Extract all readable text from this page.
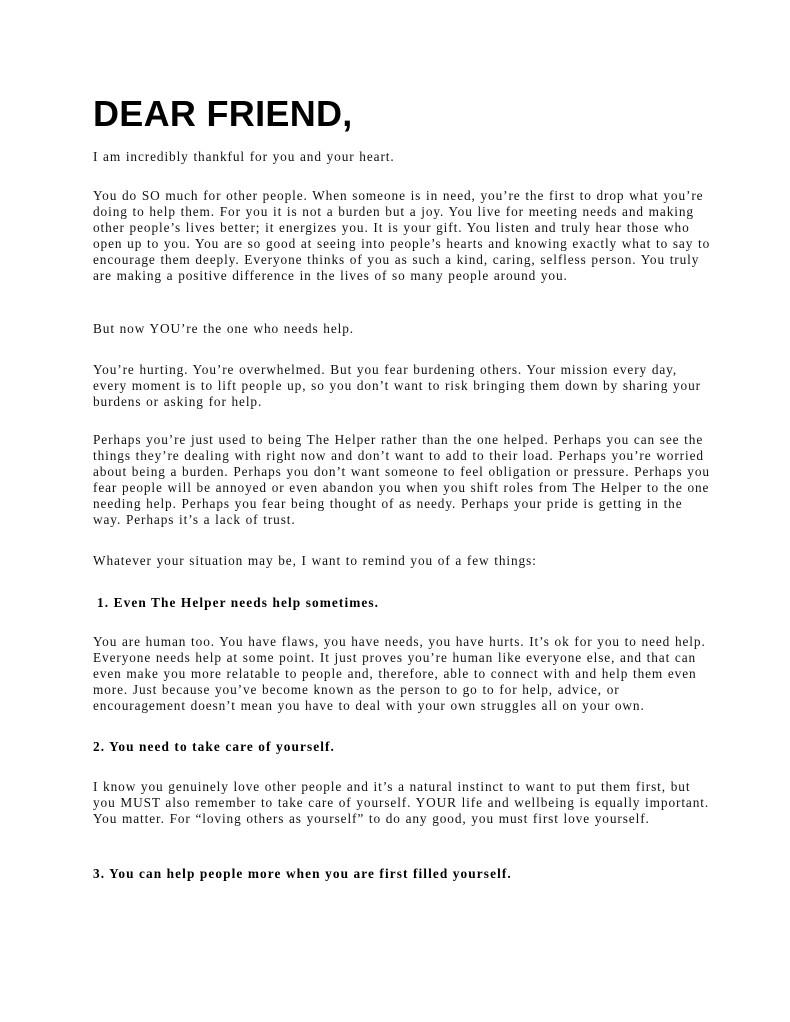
DEAR FRIEND,

I am incredibly thankful for you and your heart.

You do SO much for other people. When someone is in need, you’re the first to drop what you’re doing to help them. For you it is not a burden but a joy. You live for meeting needs and making other people’s lives better; it energizes you. It is your gift. You listen and truly hear those who open up to you. You are so good at seeing into people’s hearts and knowing exactly what to say to encourage them deeply. Everyone thinks of you as such a kind, caring, selfless person. You truly are making a positive difference in the lives of so many people around you.

But now YOU’re the one who needs help.

You’re hurting. You’re overwhelmed. But you fear burdening others. Your mission every day, every moment is to lift people up, so you don’t want to risk bringing them down by sharing your burdens or asking for help.

Perhaps you’re just used to being The Helper rather than the one helped. Perhaps you can see the things they’re dealing with right now and don’t want to add to their load. Perhaps you’re worried about being a burden. Perhaps you don’t want someone to feel obligation or pressure. Perhaps you fear people will be annoyed or even abandon you when you shift roles from The Helper to the one needing help. Perhaps you fear being thought of as needy. Perhaps your pride is getting in the way. Perhaps it’s a lack of trust.

Whatever your situation may be, I want to remind you of a few things:

1. Even The Helper needs help sometimes.

You are human too. You have flaws, you have needs, you have hurts. It’s ok for you to need help. Everyone needs help at some point. It just proves you’re human like everyone else, and that can even make you more relatable to people and, therefore, able to connect with and help them even more. Just because you’ve become known as the person to go to for help, advice, or encouragement doesn’t mean you have to deal with your own struggles all on your own.

2. You need to take care of yourself.

I know you genuinely love other people and it’s a natural instinct to want to put them first, but you MUST also remember to take care of yourself. YOUR life and wellbeing is equally important. You matter. For “loving others as yourself” to do any good, you must first love yourself.

3. You can help people more when you are first filled yourself.
